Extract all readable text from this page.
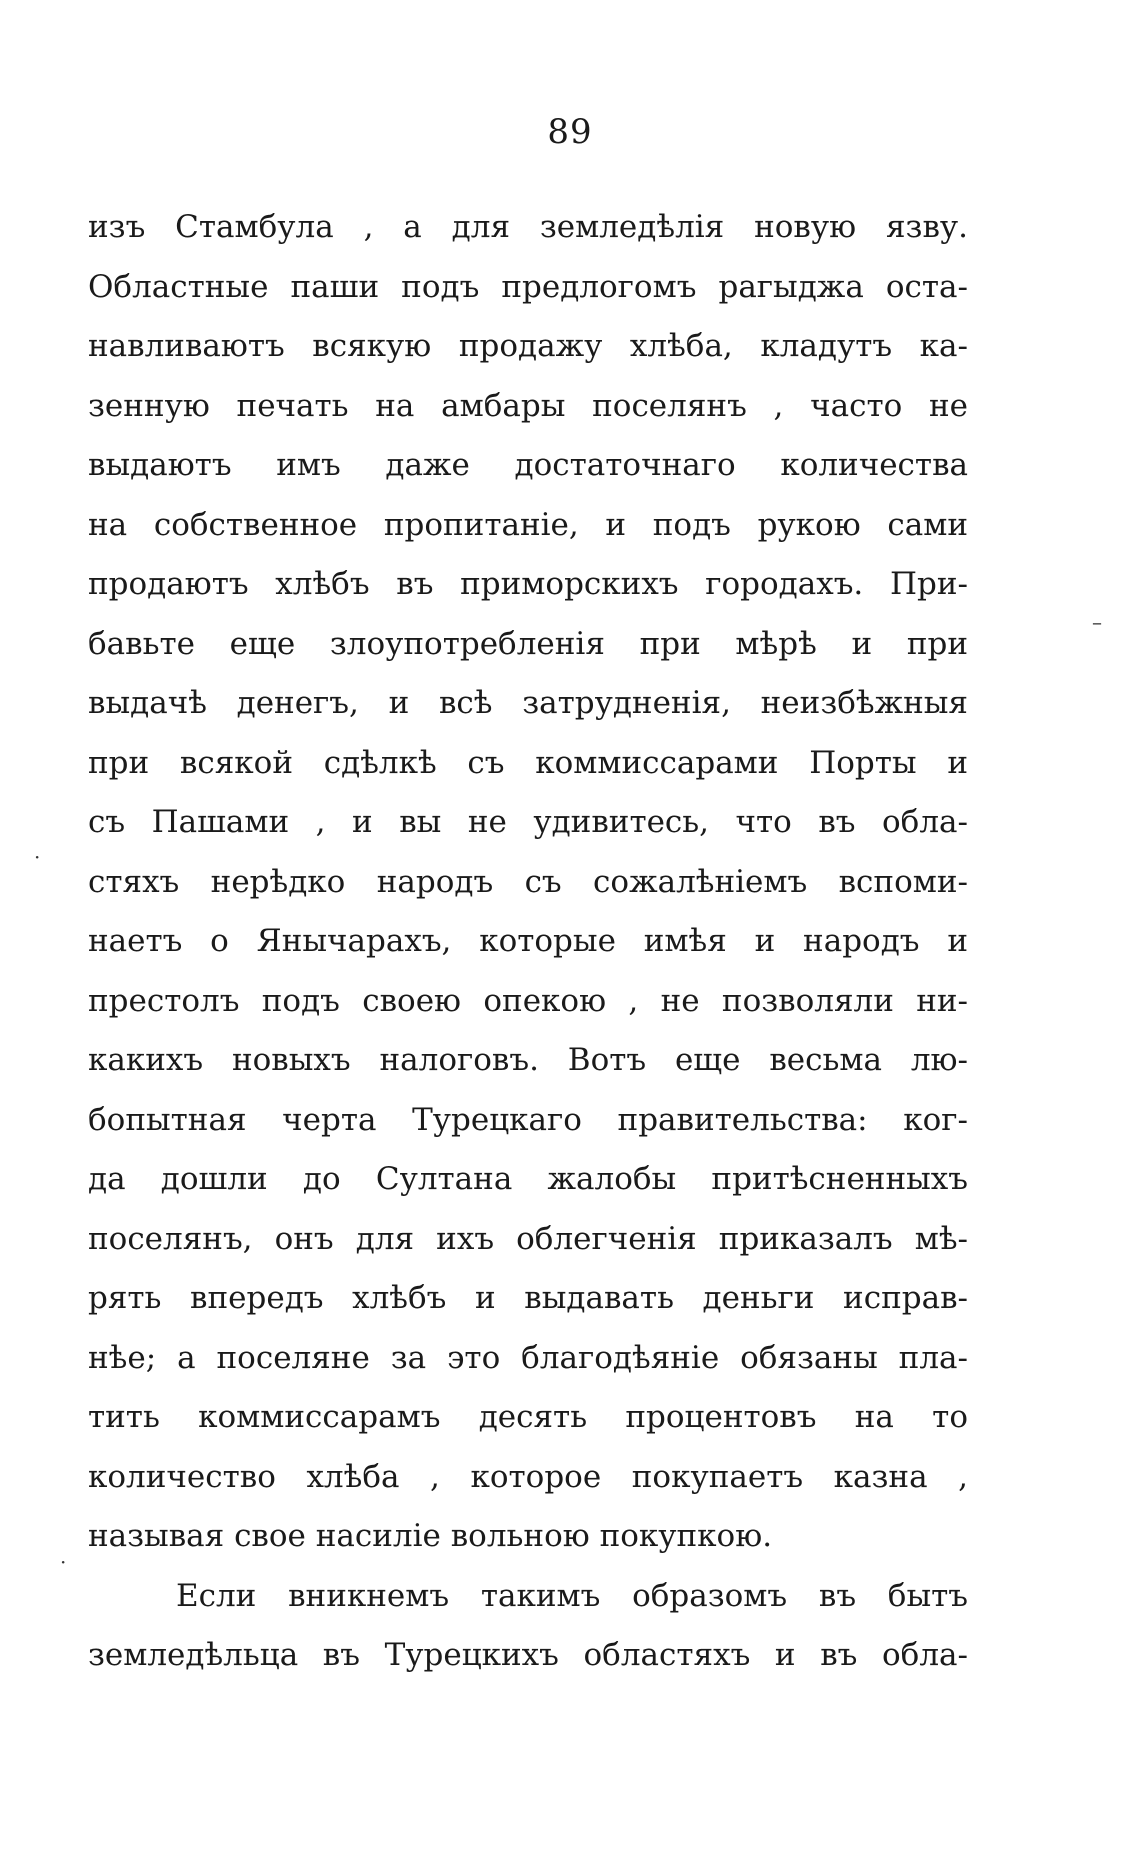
89
изъ Стамбула , а для земледѣлія новую язву.
Областные паши подъ предлогомъ рагыджа оста-
навливаютъ всякую продажу хлѣба, кладутъ ка-
зенную печать на амбары поселянъ , часто не
выдаютъ имъ даже достаточнаго количества
на собственное пропитаніе, и подъ рукою сами
продаютъ хлѣбъ въ приморскихъ городахъ. При-
бавьте еще злоупотребленія при мѣрѣ и при
выдачѣ денегъ, и всѣ затрудненія, неизбѣжныя
при всякой сдѣлкѣ съ коммиссарами Порты и
съ Пашами , и вы не удивитесь, что въ обла-
стяхъ нерѣдко народъ съ сожалѣніемъ вспоми-
наетъ о Янычарахъ, которые имѣя и народъ и
престолъ подъ своею опекою , не позволяли ни-
какихъ новыхъ налоговъ. Вотъ еще весьма лю-
бопытная черта Турецкаго правительства: ког-
да дошли до Султана жалобы притѣсненныхъ
поселянъ, онъ для ихъ облегченія приказалъ мѣ-
рять впередъ хлѣбъ и выдавать деньги исправ-
нѣе; а поселяне за это благодѣяніе обязаны пла-
тить коммиссарамъ десять процентовъ на то
количество хлѣба , которое покупаетъ казна ,
называя свое насиліе вольною покупкою.
Если вникнемъ такимъ образомъ въ бытъ
земледѣльца въ Турецкихъ областяхъ и въ обла-
–
·
·
